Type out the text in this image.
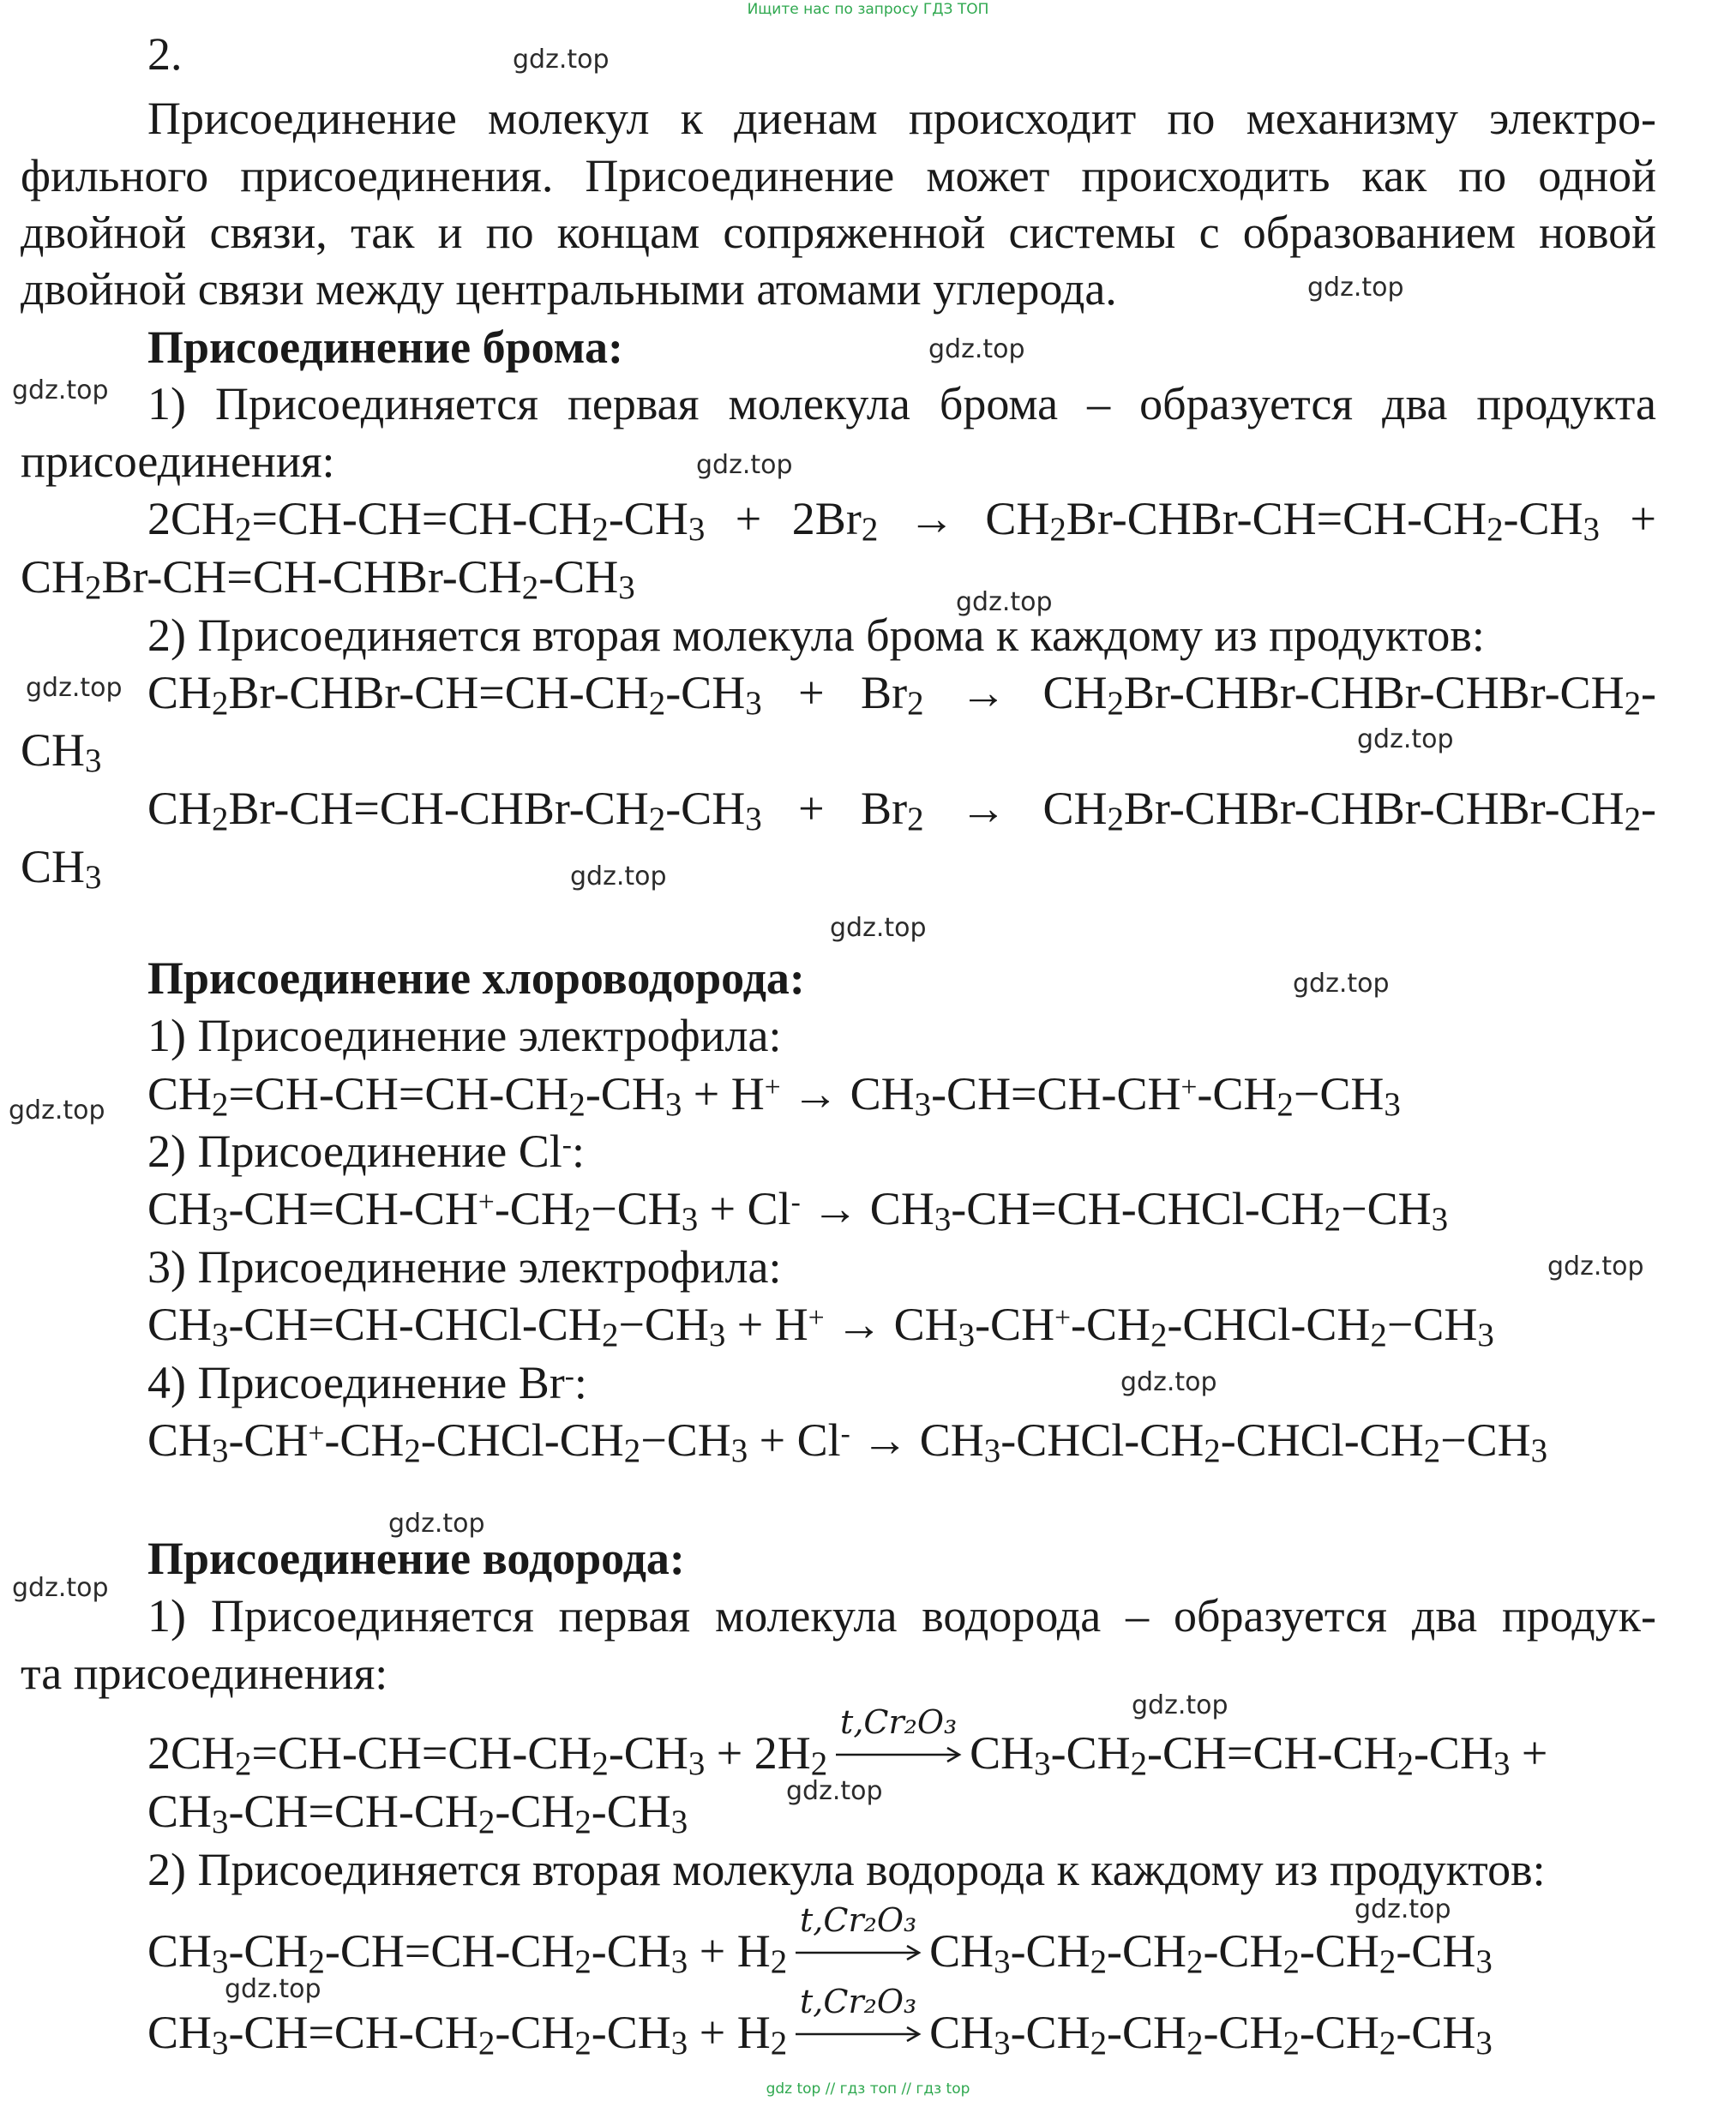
Ищите нас по запросу ГДЗ ТОП
2.
Присоединение молекул к диенам происходит по механизму электро-
фильного присоединения. Присоединение может происходить как по одной
двойной связи, так и по концам сопряженной системы с образованием новой
двойной связи между центральными атомами углерода.
Присоединение брома:
1) Присоединяется первая молекула брома – образуется два продукта
присоединения:
$2CH_2=CH-CH=CH-CH_2-CH_3 + 2Br_2$ → $CH_2Br-CHBr-CH=CH-CH_2-CH_3$ +
$CH_2Br-CH=CH-CHBr-CH_2-CH_3$
2) Присоединяется вторая молекула брома к каждому из продуктов:
$CH_2Br-CHBr-CH=CH-CH_2-CH_3 + Br_2$ → $CH_2Br-CHBr-CHBr-CHBr-CH_2-$
$CH_3$
$CH_2Br-CH=CH-CHBr-CH_2-CH_3 + Br_2$ → $CH_2Br-CHBr-CHBr-CHBr-CH_2-$
$CH_3$
Присоединение хлороводорода:
1) Присоединение электрофила:
$CH_2=CH-CH=CH-CH_2-CH_3 + H^+ \to CH_3-CH=CH-CH^+-CH_2-CH_3$
2) Присоединение Cl-:
$CH_3-CH=CH-CH^+-CH_2-CH_3 + Cl^-$ → $CH_3-CH=CH-CHCl-CH_2-CH_3$
3) Присоединение электрофила:
$CH_3-CH=CH-CHCl-CH_2-CH_3 + H^+$ → $CH_3-CH^+-CH_2-CHCl-CH_2-CH_3$
4) Присоединение Br-:
$CH_3-CH^+-CH_2-CHCl-CH_2-CH_3 + Cl^-$ → $CH_3-CHCl-CH_2-CHCl-CH_2-CH_3$
Присоединение водорода:
1) Присоединяется первая молекула водорода – образуется два продук-
та присоединения:
$2CH_2=CH-CH=CH-CH_2-CH_3 + 2H_2$
t,Cr₂O₃
$CH_3-CH_2-CH=CH-CH_2-CH_3$ +
$CH_3-CH=CH-CH_2-CH_2-CH_3$
2) Присоединяется вторая молекула водорода к каждому из продуктов:
$CH_3-CH_2-CH=CH-CH_2-CH_3 + H_2$
t,Cr₂O₃
$CH_3-CH_2-CH_2-CH_2-CH_2-CH_3$
$CH_3-CH=CH-CH_2-CH_2-CH_3 + H_2$
t,Cr₂O₃
$CH_3-CH_2-CH_2-CH_2-CH_2-CH_3$
gdz.top
gdz.top
gdz.top
gdz.top
gdz.top
gdz.top
gdz.top
gdz.top
gdz.top
gdz.top
gdz.top
gdz.top
gdz.top
gdz.top
gdz.top
gdz.top
gdz.top
gdz.top
gdz.top
gdz.top
gdz top // гдз топ // гдз top
